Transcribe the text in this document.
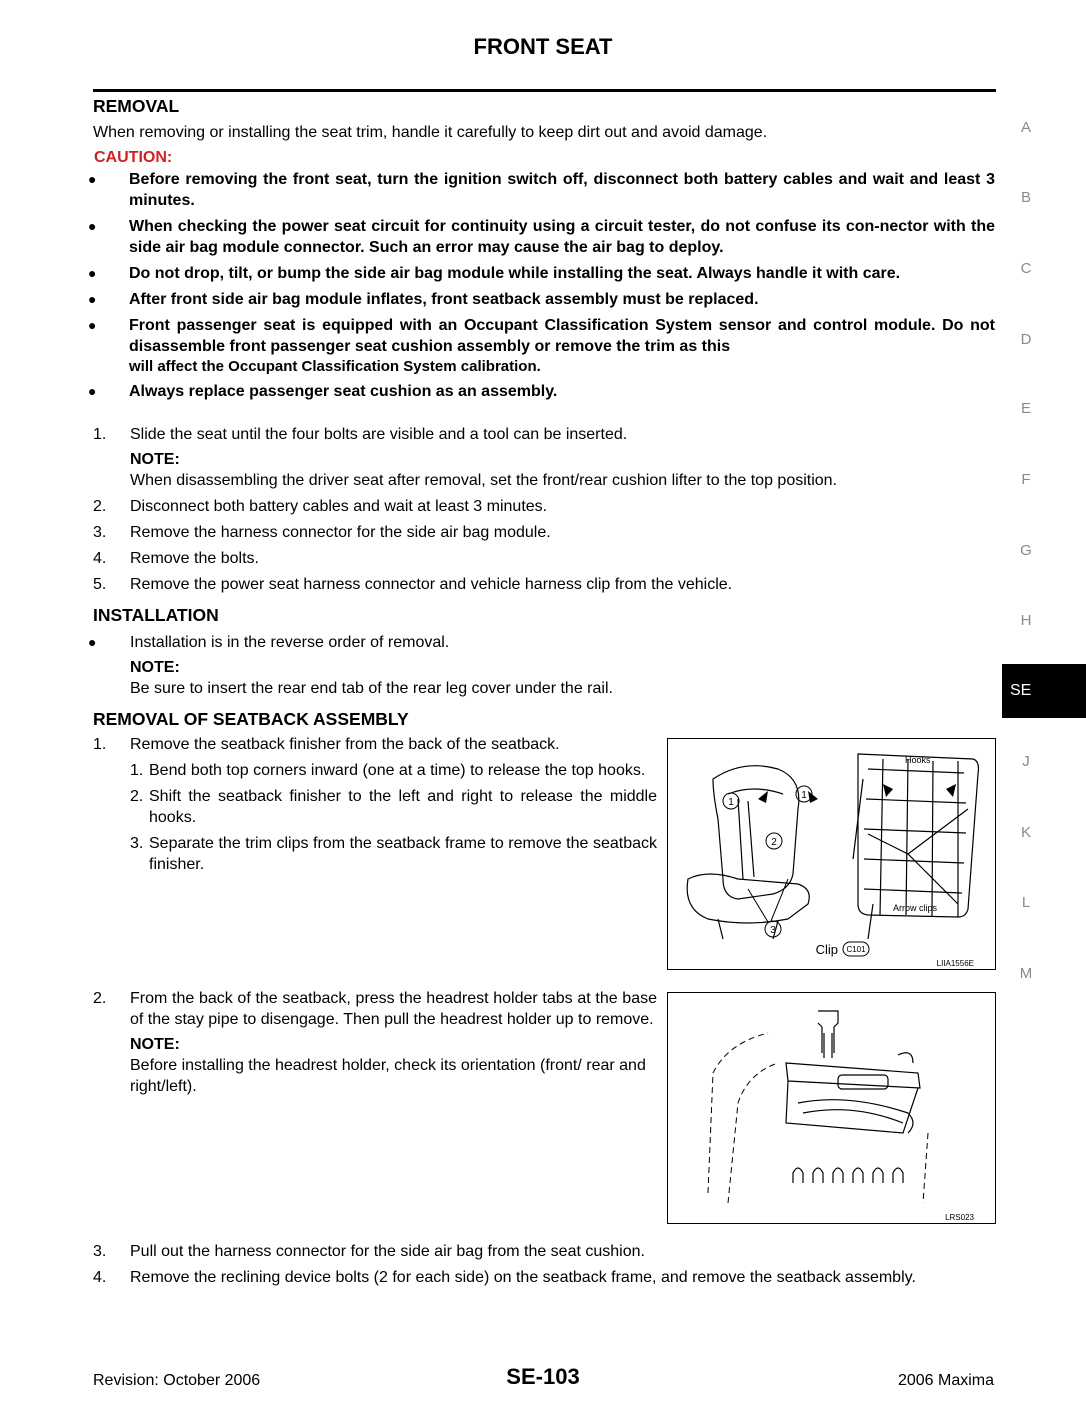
FRONT SEAT
REMOVAL
When removing or installing the seat trim, handle it carefully to keep dirt out and avoid damage.
CAUTION:
●	Before removing the front seat, turn the ignition switch off, disconnect both battery cables and wait and least 3 minutes.
●	When checking the power seat circuit for continuity using a circuit tester, do not confuse its con-nector with the side air bag module connector. Such an error may cause the air bag to deploy.
●	Do not drop, tilt, or bump the side air bag module while installing the seat. Always handle it with care.
●	After front side air bag module inflates, front seatback assembly must be replaced.
●	Front passenger seat is equipped with an Occupant Classification System sensor and control module. Do not disassemble front passenger seat cushion assembly or remove the trim as this
will affect the Occupant Classification System calibration.
●	Always replace passenger seat cushion as an assembly.
1.	Slide the seat until the four bolts are visible and a tool can be inserted.
NOTE:
When disassembling the driver seat after removal, set the front/rear cushion lifter to the top position.
2.	Disconnect both battery cables and wait at least 3 minutes.
3.	Remove the harness connector for the side air bag module.
4.	Remove the bolts.
5.	Remove the power seat harness connector and vehicle harness clip from the vehicle.
INSTALLATION
●	Installation is in the reverse order of removal.
NOTE:
Be sure to insert the rear end tab of the rear leg cover under the rail.
REMOVAL OF SEATBACK ASSEMBLY
1.	Remove the seatback finisher from the back of the seatback.
1. Bend both top corners inward (one at a time) to release the top hooks.
2. Shift the seatback finisher to the left and right to release the middle hooks.
3. Separate the trim clips from the seatback frame to remove the seatback finisher.
1
1
2
3
Hooks
Arrow clips
Clip C101
LIIA1556E
2.	From the back of the seatback, press the headrest holder tabs at the base of the stay pipe to disengage. Then pull the headrest holder up to remove.
NOTE:
Before installing the headrest holder, check its orientation (front/ rear and right/left).
LRS023
3.	Pull out the harness connector for the side air bag from the seat cushion.
4.	Remove the reclining device bolts (2 for each side) on the seatback frame, and remove the seatback assembly.
A
B
C
D
E
F
G
H
SE
J
K
L
M
Revision: October 2006	SE-103	2006 Maxima
